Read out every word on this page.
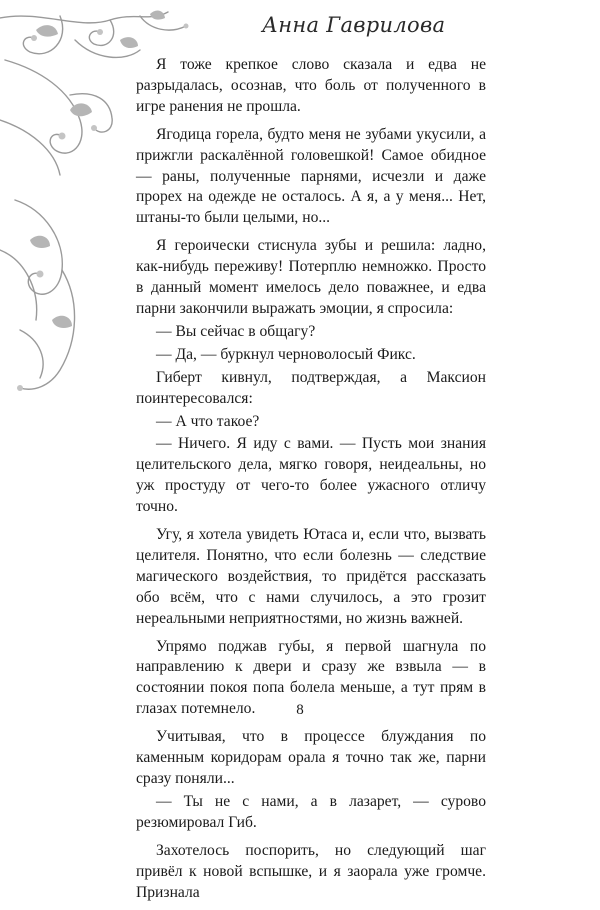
Анна Гаврилова

Я тоже крепкое слово сказала и едва не разрыдалась, осознав, что боль от полученного в игре ранения не прошла.

Ягодица горела, будто меня не зубами укусили, а прижгли раскалённой головешкой! Самое обидное — раны, полученные парнями, исчезли и даже прорех на одежде не осталось. А я, а у меня... Нет, штаны-то были целыми, но...

Я героически стиснула зубы и решила: ладно, как-нибудь переживу! Потерплю немножко. Просто в данный момент имелось дело поважнее, и едва парни закончили выражать эмоции, я спросила:

— Вы сейчас в общагу?

— Да, — буркнул черноволосый Фикс.

Гиберт кивнул, подтверждая, а Максион поинтересовался:

— А что такое?

— Ничего. Я иду с вами. — Пусть мои знания целительского дела, мягко говоря, неидеальны, но уж простуду от чего-то более ужасного отличу точно.

Угу, я хотела увидеть Ютаса и, если что, вызвать целителя. Понятно, что если болезнь — следствие магического воздействия, то придётся рассказать обо всём, что с нами случилось, а это грозит нереальными неприятностями, но жизнь важней.

Упрямо поджав губы, я первой шагнула по направлению к двери и сразу же взвыла — в состоянии покоя попа болела меньше, а тут прям в глазах потемнело.

Учитывая, что в процессе блуждания по каменным коридорам орала я точно так же, парни сразу поняли...

— Ты не с нами, а в лазарет, — сурово резюмировал Гиб.

Захотелось поспорить, но следующий шаг привёл к новой вспышке, и я заорала уже громче. Признала

8
